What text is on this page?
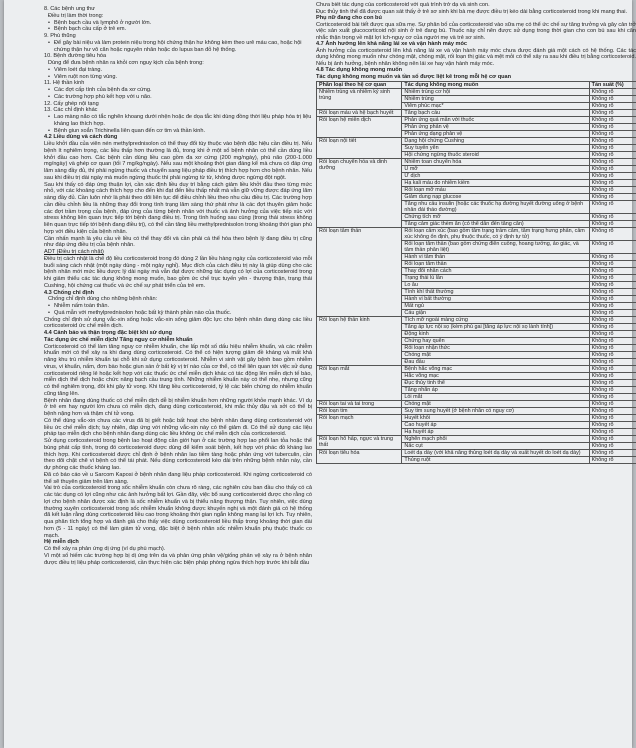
8. Các bệnh ung thư
Điều trị làm thời trong:
• Bệnh bạch cầu và lymphô ở người lớn.
• Bệnh bạch cầu cấp ở trẻ em.
9. Phù thũng
• Để gây bài niệu và làm protein niệu trong hội chứng thận hư không kèm theo urê máu cao, hoặc hội chứng thận hư vô căn hoặc nguyên nhân hoặc do lupus ban đỏ hệ thống.
10. Bệnh đường tiêu hóa
Dùng để đưa bệnh nhân ra khỏi cơn nguy kịch của bệnh trong:
• Viêm loét đại tràng.
• Viêm ruột non từng vùng.
11. Hệ thần kinh
• Các đợt cấp tính của bệnh đa xơ cứng.
• Các trường hợp phù kết hợp với u não.
12. Cấy ghép nội tạng
13. Các chỉ định khác
• Lao màng não có tắc nghẽn khoang dưới nhện hoặc đe dọa tắc khi dùng đồng thời liệu pháp hóa trị liệu kháng lao thích hợp.
• Bệnh giun xoắn Trichinella liên quan đến cơ tim và thần kinh.
4.2 Liều dùng và cách dùng
Liều khởi đầu của viên nén methylprednisolon có thể thay đổi tùy thuộc vào bệnh đặc hiệu cần điều trị. Nếu bệnh ít nghiêm trọng, các liều thấp hơn thường là đủ, trong khi ở một số bệnh nhân có thể cần dùng liều khởi đầu cao hơn. Các bệnh cần dùng liều cao gồm đa xơ cứng (200 mg/ngày), phù não (200-1.000 mg/ngày) và ghép cơ quan (tối 7 mg/kg/ngày). Nếu sau một khoảng thời gian đáng kể mà chưa có đáp ứng lâm sàng đầy đủ, thì phải ngừng thuốc và chuyển sang liệu pháp điều trị thích hợp hơn cho bệnh nhân. Nếu sau khi điều trị dài ngày mà muốn ngừng thuốc thì phải ngừng từ từ, không được ngừng đột ngột.
Sau khi thấy có đáp ứng thuận lợi, cần xác định liều duy trì bằng cách giảm liều khởi đầu theo từng mức nhỏ, với các khoảng cách thích hợp cho đến khi đạt đến liều thấp nhất mà vẫn giữ vững được đáp ứng lâm sàng đầy đủ. Cần luôn nhớ là phải theo dõi liên tục để điều chỉnh liều theo nhu cầu điều trị. Các trường hợp cần điều chỉnh liều là những thay đổi trong tình trạng lâm sàng thứ phát như là các đợt thuyên giảm hoặc các đợt trầm trọng của bệnh, đáp ứng của từng bệnh nhân với thuốc và ảnh hưởng của việc tiếp xúc với stress không liên quan trực tiếp tới bệnh đang điều trị. Trong tình huống sau cùng (trong thái stress không liên quan trực tiếp tới bệnh đang điều trị), có thể cần tăng liều methylprednisolon trong khoảng thời gian phù hợp với điều kiện của bệnh nhân.
Cần nhấn mạnh là yêu cầu về liều có thể thay đổi và cần phải cá thể hóa theo bệnh lý đang điều trị cũng như đáp ứng điều trị của bệnh nhân.
ADT (Điều trị cách nhật)
Điều trị cách nhật là chế độ liều corticosteroid trong đó dùng 2 lần liều hàng ngày của corticosteroid vào mỗi buổi sáng cách nhật (một ngày dùng - một ngày nghỉ). Mục đích của cách điều trị này là giúp dùng cho các bệnh nhân mới mức liều dược lý dài ngày mà vẫn đạt được những tác dụng có lợi của corticosteroid trong khi giảm thiểu các tác dụng không mong muốn, bao gồm ức chế trục tuyến yên - thượng thận, trạng thái Cushing, hội chứng cai thuốc và ức chế sự phát triển của trẻ em.
4.3 Chống chỉ định
Chống chỉ định dùng cho những bệnh nhân:
• Nhiễm nấm toàn thân.
• Quá mẫn với methylprednisolon hoặc bất kỳ thành phần nào của thuốc.
Chống chỉ định sử dụng vắc-xin sống hoặc vắc-xin sống giảm độc lực cho bệnh nhân đang dùng các liều corticosteroid ức chế miễn dịch.
4.4 Cảnh báo và thận trọng đặc biệt khi sử dụng
Tác dụng ức chế miễn dịch/ Tăng nguy cơ nhiễm khuẩn
Corticosteroid có thể làm tăng nguy cơ nhiễm khuẩn, che lấp một số dấu hiệu nhiễm khuẩn, và các nhiễm khuẩn mới có thể xảy ra khi đang dùng corticosteroid. Có thể có hiện tượng giảm đề kháng và mất khả năng khu trú nhiễm khuẩn tại chỗ khi sử dụng corticosteroid. Nhiễm vi sinh vật gây bệnh bao gồm nhiễm virus, vi khuẩn, nấm, đơn bào hoặc giun sán ở bất kỳ vị trí nào của cơ thể, có thể liên quan tới việc sử dụng corticosteroid riêng lẻ hoặc kết hợp với các thuốc ức chế miễn dịch khác có tác động lên miễn dịch tế bào, miễn dịch thể dịch hoặc chức năng bạch cầu trung tính. Những nhiễm khuẩn này có thể nhẹ, nhưng cũng có thể nghiêm trọng, đôi khi gây tử vong. Khi tăng liều corticosteroid, tỷ lệ các biến chứng do nhiễm khuẩn cũng tăng lên.
Bệnh nhân đang dùng thuốc có chế miễn dịch dễ bị nhiễm khuẩn hơn những người khỏe mạnh khác. Ví dụ ở trẻ em hay người lớn chưa có miễn dịch, đang dùng corticosteroid, khi mắc thủy đậu và sởi có thể bị bệnh nặng hơn và thậm chí tử vong.
Có thể dùng vắc-xin chưa các virus đã bị giết hoặc bất hoạt cho bệnh nhân đang dùng corticosteroid với liều ức chế miễn dịch; tuy nhiên, đáp ứng với những vắc-xin này có thể giảm đi. Có thể sử dụng các liệu pháp tạo miễn dịch cho bệnh nhân đang dùng các liều không ức chế miễn dịch của corticosteroid.
Sử dụng corticosteroid trong bệnh lao hoạt động cần giới hạn ở các trường hợp lao phổi lan tỏa hoặc thể bùng phát cấp tính, trong đó corticosteroid được dùng để kiểm soát bệnh, kết hợp với phác đồ kháng lao thích hợp. Khi corticosteroid được chỉ định ở bệnh nhân lao tiềm tàng hoặc phản ứng với tuberculin, cần theo dõi chặt chẽ vì bệnh có thể tái phát. Nếu dùng corticosteroid kéo dài trên những bệnh nhân này, cần dự phòng các thuốc kháng lao.
Đã có báo cáo về u Sarcom Kaposi ở bệnh nhân đang liệu pháp corticosteroid. Khi ngừng corticosteroid có thể sẽ thuyên giảm trên lâm sàng.
Vai trò của corticosteroid trong sốc nhiễm khuẩn còn chưa rõ ràng, các nghiên cứu ban đầu cho thấy có cả các tác dụng có lợi cũng như các ảnh hưởng bất lợi. Gần đây, việc bổ sung corticosteroid được cho rằng có lợi cho bệnh nhân được xác định là sốc nhiễm khuẩn và bị thiểu năng thượng thận. Tuy nhiên, việc dùng thường xuyên corticosteroid trong sốc nhiễm khuẩn không được khuyến nghị và một đánh giá có hệ thống đã kết luận rằng dùng corticosteroid liều cao trong khoảng thời gian ngắn không mang lại lợi ích. Tuy nhiên, qua phân tích tổng hợp và đánh giá cho thấy việc dùng corticosteroid liều thấp trong khoảng thời gian dài hơn (5 - 11 ngày) có thể làm giảm tử vong, đặc biệt ở bệnh nhân sốc nhiễm khuẩn phụ thuộc thuốc co mạch.
Hệ miễn dịch
Có thể xảy ra phản ứng dị ứng (ví dụ phù mạch).
Vì một số hiếm các trường hợp bị dị ứng trên da và phản ứng phản vệ/giống phản vệ xảy ra ở bệnh nhân được điều trị liệu pháp corticosteroid, cần thực hiện các biện pháp phòng ngừa thích hợp trước khi bắt đầu
Chưa biết tác dụng của corticosteroid với quá trình trở dạ và sinh con.
Đục thủy tinh thể đã được quan sát thấy ở trẻ sơ sinh khi bà mẹ được điều trị kéo dài bằng corticosteroid trong khi mang thai.
Phụ nữ đang cho con bú
Corticosteroid bài tiết được qua sữa mẹ. Sự phân bố của corticosteroid vào sữa mẹ có thể ức chế sự tăng trưởng và gây cản trở việc sản xuất glucocorticoid nội sinh ở trẻ đang bú. Thuốc này chỉ nên được sử dụng trong thời gian cho con bú sau khi cân nhắc thận trọng về mặt lợi ích-nguy cơ của người mẹ và trẻ sơ sinh.
4.7 Ảnh hưởng lên khả năng lái xe và vận hành máy móc
Ảnh hưởng của corticosteroid lên khả năng lái xe và vận hành máy móc chưa được đánh giá một cách có hệ thống. Các tác dụng không mong muốn như chóng mặt, chóng mặt, rối loạn thị giác và mệt mỏi có thể xảy ra sau khi điều trị bằng corticosteroid. Nếu bị ảnh hưởng, bệnh nhân không nên lái xe hay vận hành máy móc.
4.8 Tác dụng không mong muốn
Tác dụng không mong muốn và tần số được liệt kê trong mỗi hệ cơ quan
Phân loại theo hệ cơ quan	Tác dụng không mong muốn	Tần suất (%)
Nhiễm trùng và nhiễm ký sinh trùng	Nhiễm trùng cơ hội	Không rõ
	Nhiễm trùng	Không rõ
	Viêm phúc mạc*	Không rõ
Rối loạn máu và hệ bạch huyết	Tăng bạch cầu	Không rõ
Rối loạn hệ miễn dịch	Phản ứng quá mẫn với thuốc	Không rõ
	Phản ứng phản vệ	Không rõ
	Phản ứng dạng phản vệ	Không rõ
Rối loạn nội tiết	Dạng hội chứng Cushing	Không rõ
	Suy tuyến yên	Không rõ
	Hội chứng ngừng thuốc steroid	Không rõ
Rối loạn chuyển hóa và dinh dưỡng	Nhiễm toan chuyển hóa	Không rõ
	U mỡ	Không rõ
	Ứ dịch	Không rõ
	Hạ kali máu do nhiễm kiềm	Không rõ
	Rối loạn mỡ máu	Không rõ
	Giảm dung nạp glucose	Không rõ
	Tăng nhu cầu insulin (hoặc các thuốc hạ đường huyết đường uống ở bệnh nhân đái tháo đường)	Không rõ
	Chứng tích mỡ	Không rõ
	Tăng cảm giác thèm ăn (có thể dẫn đến tăng cân)	Không rõ
Rối loạn tâm thần	Rối loạn cảm xúc (bao gồm tâm trạng trầm cảm, tâm trạng hưng phấn, cảm xúc không ổn định, phụ thuộc thuốc, có ý định tự tử)	Không rõ
	Rối loạn tâm thần (bao gồm chứng điên cuồng, hoang tưởng, ảo giác, và tâm thần phân liệt)	Không rõ
	Hành vi tâm thần	Không rõ
	Rối loạn tâm thần	Không rõ
	Thay đổi nhân cách	Không rõ
	Trạng thái lú lẫn	Không rõ
	Lo âu	Không rõ
	Tính khí thất thường	Không rõ
	Hành vi bất thường	Không rõ
	Mất ngủ	Không rõ
	Cáu giận	Không rõ
Rối loạn hệ thần kinh	Tích mỡ ngoài màng cứng	Không rõ
	Tăng áp lực nội sọ (kèm phù gai [tăng áp lực nội sọ lành tính])	Không rõ
	Động kinh	Không rõ
	Chứng hay quên	Không rõ
	Rối loạn nhận thức	Không rõ
	Chóng mặt	Không rõ
	Đau đầu	Không rõ
Rối loạn mắt	Bệnh hắc võng mạc	Không rõ
	Hắc võng mạc	Không rõ
	Đục thủy tinh thể	Không rõ
	Tăng nhãn áp	Không rõ
	Lồi mắt	Không rõ
Rối loạn tai và tai trong	Chóng mặt	Không rõ
Rối loạn tim	Suy tim sung huyết (ở bệnh nhân có nguy cơ)	Không rõ
Rối loạn mạch	Huyết khối	Không rõ
	Cao huyết áp	Không rõ
	Hạ huyết áp	Không rõ
Rối loạn hô hấp, ngực và trung thất	Nghẽn mạch phổi	Không rõ
	Nấc cụt	Không rõ
Rối loạn tiêu hóa	Loét dạ dày (với khả năng thủng loét dạ dày và xuất huyết do loét dạ dày)	Không rõ
	Thủng ruột	Không rõ
